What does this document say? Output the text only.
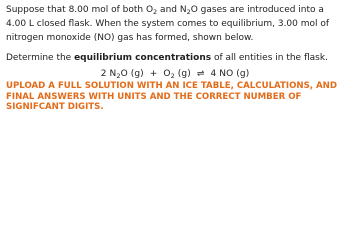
Suppose that 8.00 mol of both $O_2$ and $N_2O$ gases are introduced into a 4.00 L closed flask. When the system comes to equilibrium, 3.00 mol of nitrogen monoxide (NO) gas has formed, shown below.

Determine the equilibrium concentrations of all entities in the flask.

2 $N_2O$ $(g) + O_2$ (g) ⇌ 4 NO (g)

UPLOAD A FULL SOLUTION WITH AN ICE TABLE, CALCULATIONS, AND FINAL ANSWERS WITH UNITS AND THE CORRECT NUMBER OF SIGNIFCANT DIGITS.
